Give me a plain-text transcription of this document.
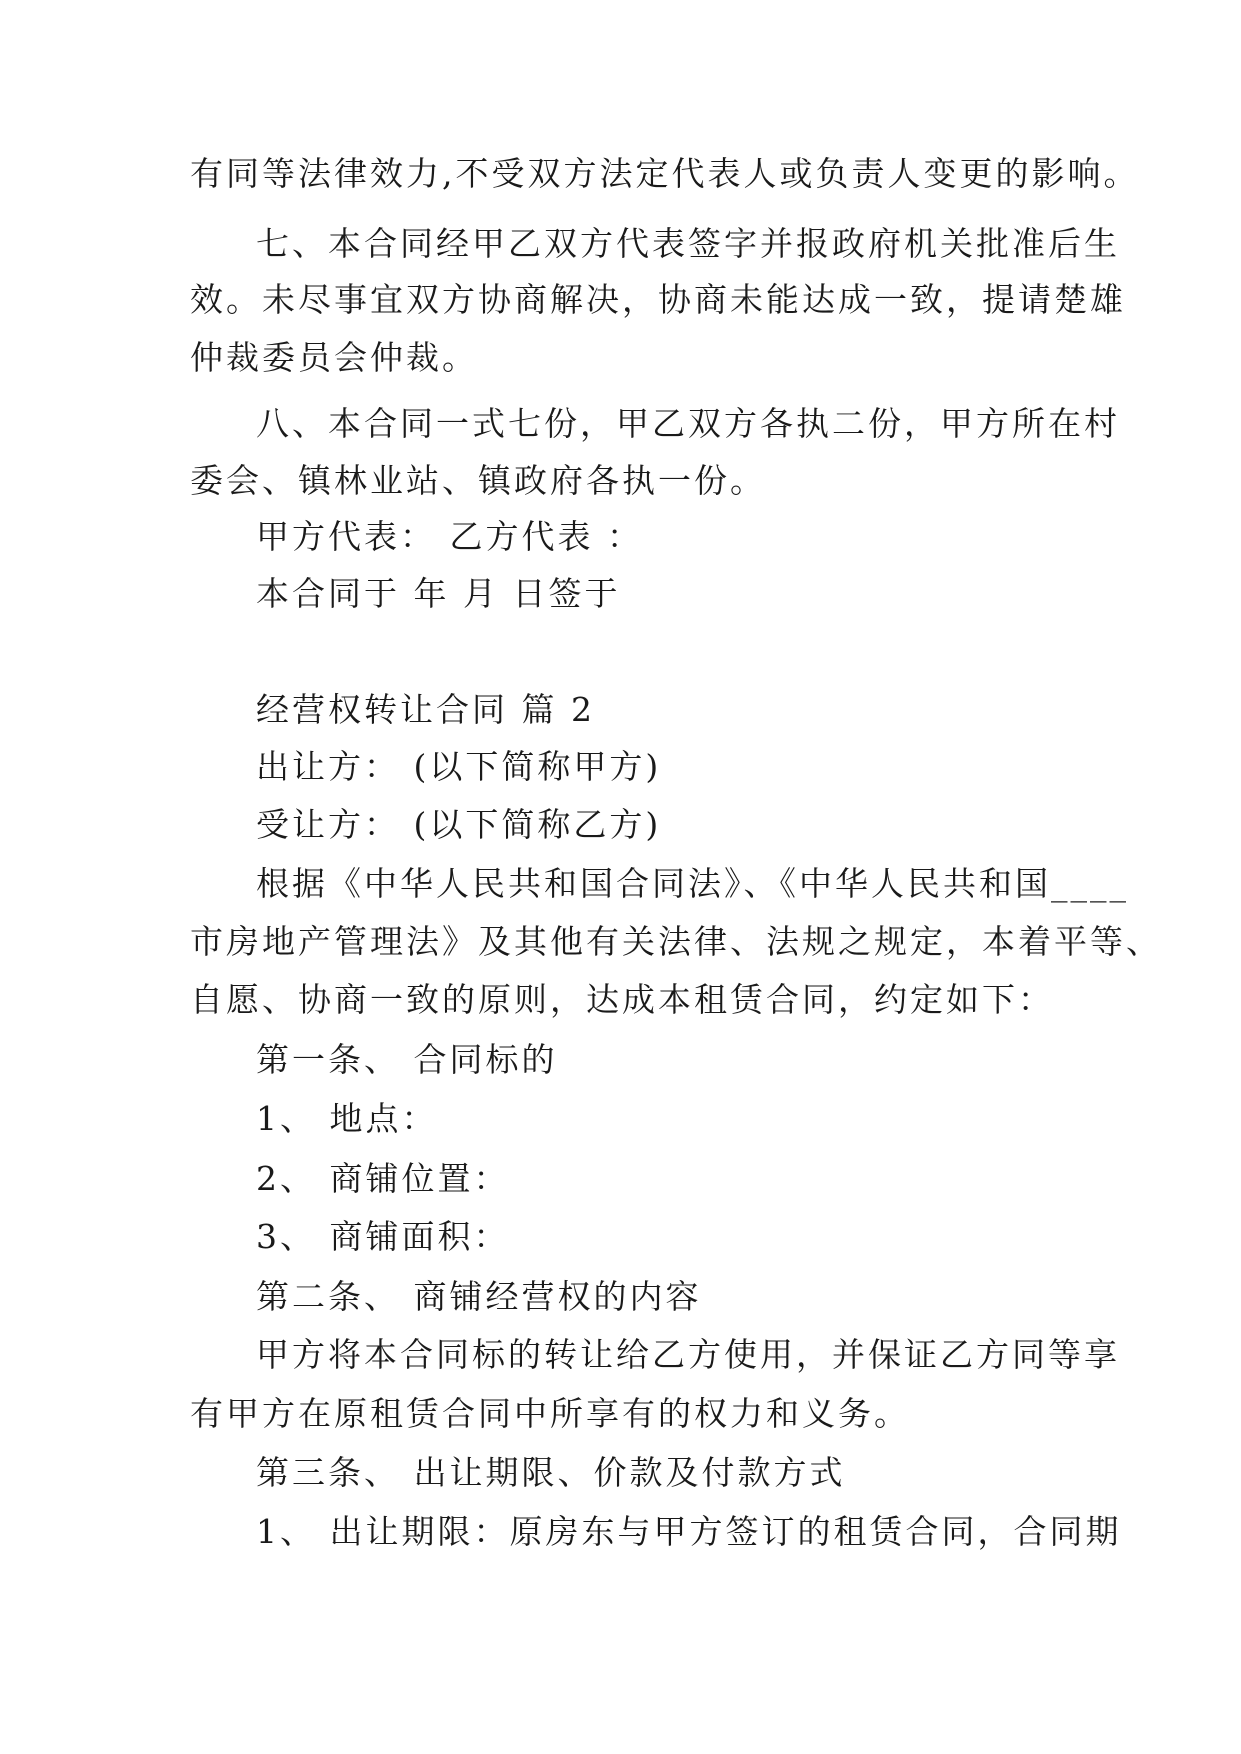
有同等法律效力,不受双方法定代表人或负责人变更的影响。
七、本合同经甲乙双方代表签字并报政府机关批准后生
效。未尽事宜双方协商解决，协商未能达成一致，提请楚雄
仲裁委员会仲裁。
八、本合同一式七份，甲乙双方各执二份，甲方所在村
委会、镇林业站、镇政府各执一份。
甲方代表： 乙方代表 ：
本合同于 年 月 日签于
经营权转让合同 篇 2
出让方： (以下简称甲方)
受让方： (以下简称乙方)
根据《中华人民共和国合同法》、《中华人民共和国____
市房地产管理法》及其他有关法律、法规之规定，本着平等、
自愿、协商一致的原则，达成本租赁合同，约定如下：
第一条、 合同标的
1、 地点：
2、 商铺位置：
3、 商铺面积：
第二条、 商铺经营权的内容
甲方将本合同标的转让给乙方使用，并保证乙方同等享
有甲方在原租赁合同中所享有的权力和义务。
第三条、 出让期限、价款及付款方式
1、 出让期限：原房东与甲方签订的租赁合同，合同期
